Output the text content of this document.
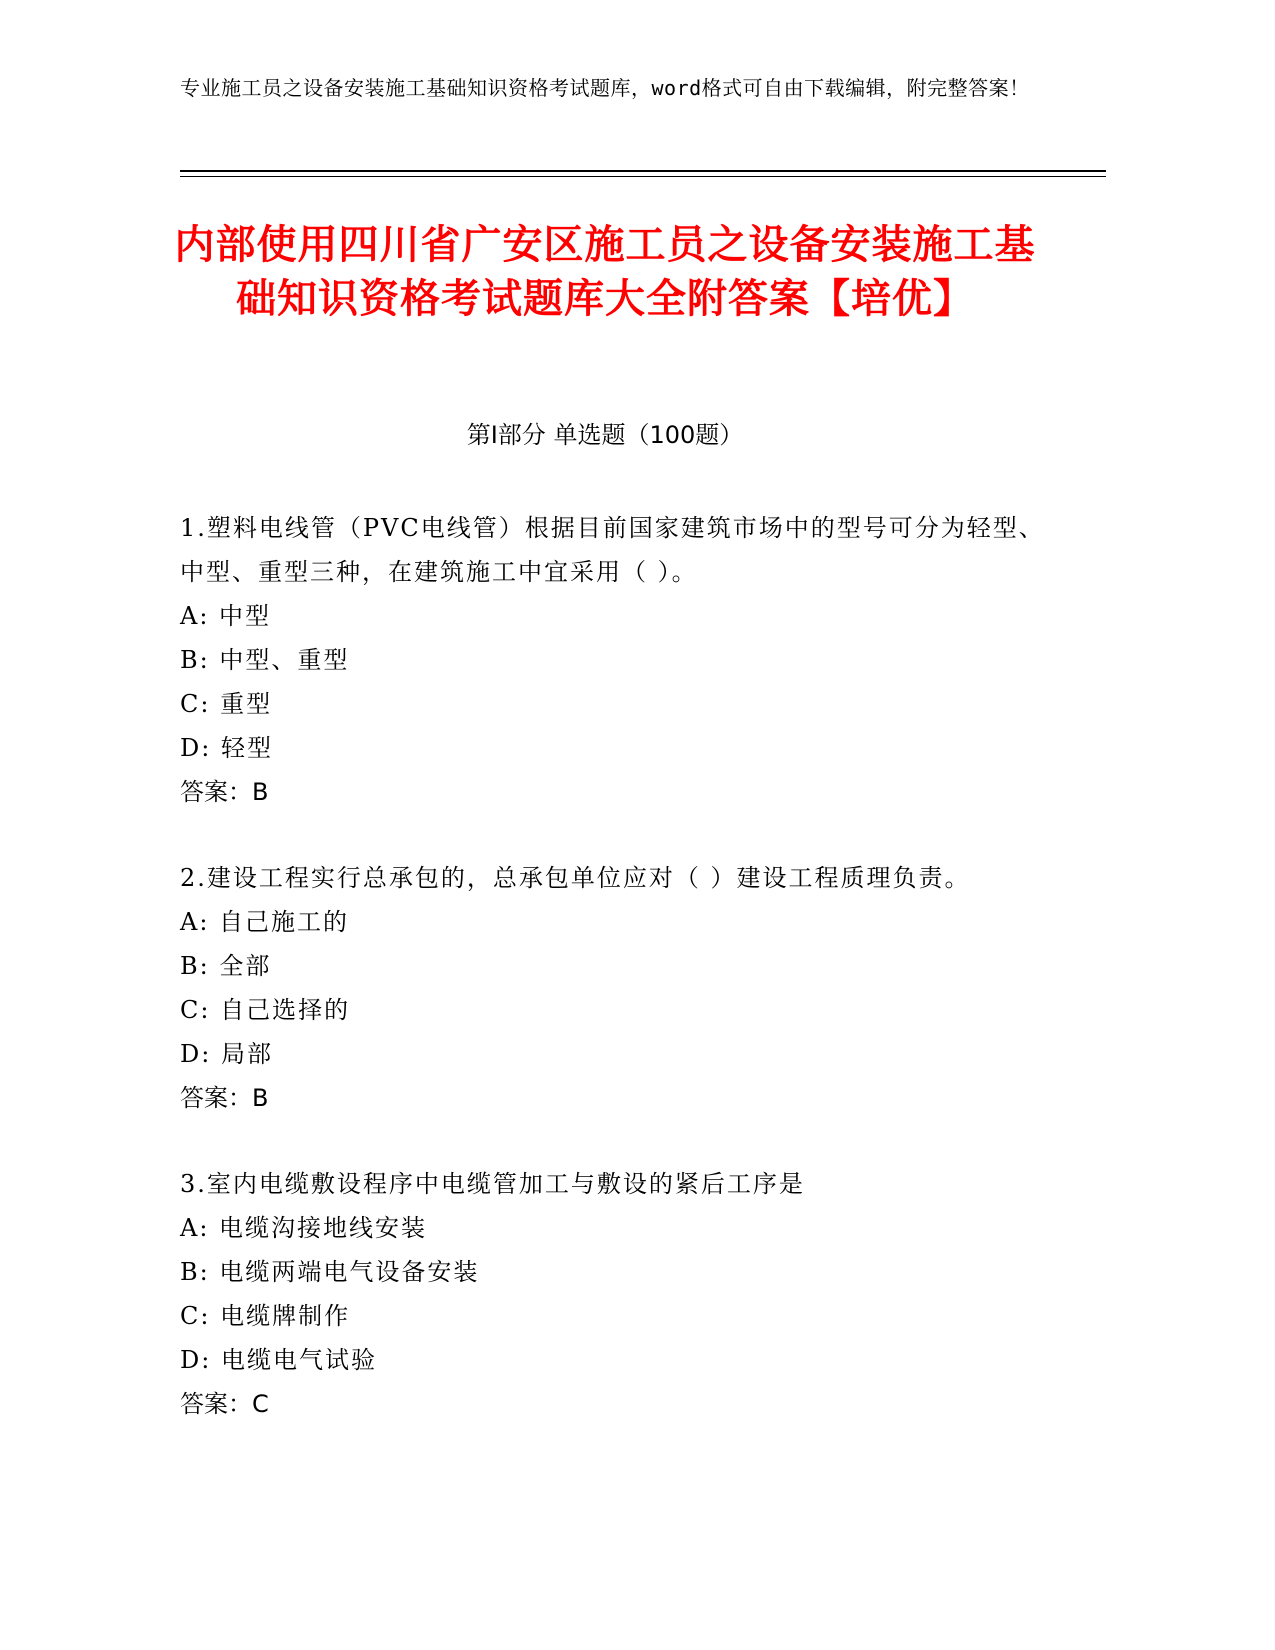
专业施工员之设备安装施工基础知识资格考试题库，word格式可自由下载编辑，附完整答案！
内部使用四川省广安区施工员之设备安装施工基础知识资格考试题库大全附答案【培优】
第Ⅰ部分 单选题（100题）
1.塑料电线管（PVC电线管）根据目前国家建筑市场中的型号可分为轻型、中型、重型三种，在建筑施工中宜采用（ ）。
A: 中型
B: 中型、重型
C: 重型
D: 轻型
答案：B
2.建设工程实行总承包的，总承包单位应对（ ）建设工程质理负责。
A: 自己施工的
B: 全部
C: 自己选择的
D: 局部
答案：B
3.室内电缆敷设程序中电缆管加工与敷设的紧后工序是
A: 电缆沟接地线安装
B: 电缆两端电气设备安装
C: 电缆牌制作
D: 电缆电气试验
答案：C
